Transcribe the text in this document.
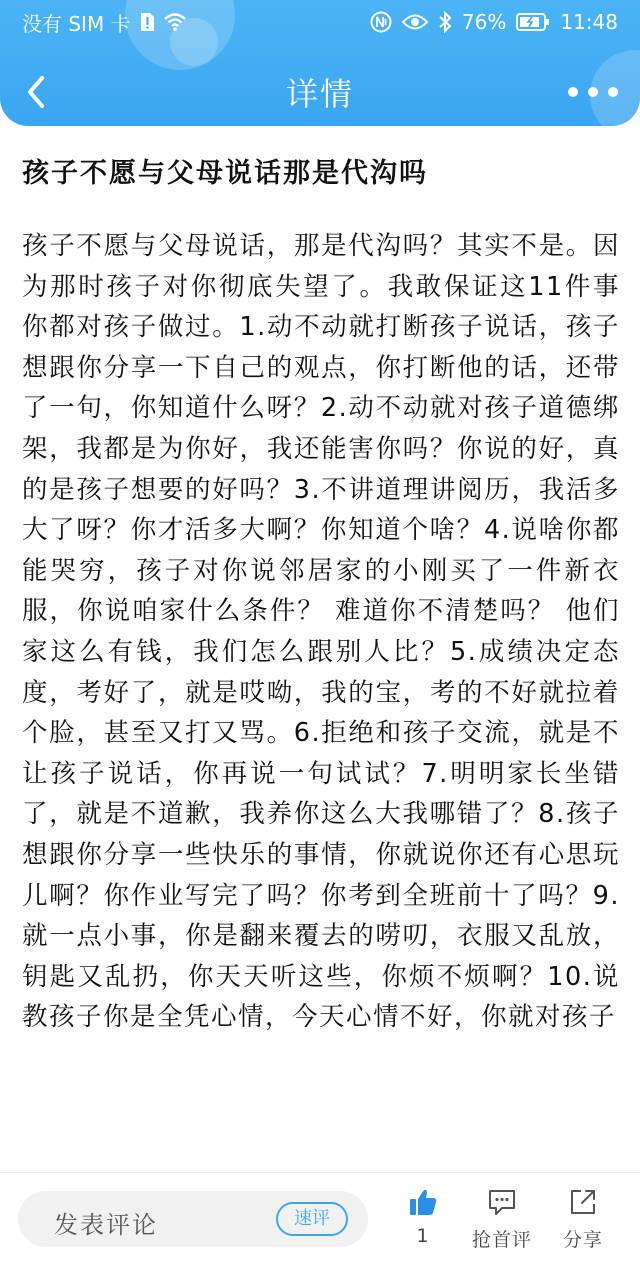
没有 SIM 卡	76%	11:48
详情
孩子不愿与父母说话那是代沟吗
孩子不愿与父母说话，那是代沟吗？其实不是。因为那时孩子对你彻底失望了。我敢保证这11件事你都对孩子做过。1.动不动就打断孩子说话，孩子想跟你分享一下自己的观点，你打断他的话，还带了一句，你知道什么呀？2.动不动就对孩子道德绑架，我都是为你好，我还能害你吗？你说的好，真的是孩子想要的好吗？3.不讲道理讲阅历，我活多大了呀？你才活多大啊？你知道个啥？4.说啥你都能哭穷，孩子对你说邻居家的小刚买了一件新衣服，你说咱家什么条件？ 难道你不清楚吗？ 他们家这么有钱，我们怎么跟别人比？5.成绩决定态度，考好了，就是哎呦，我的宝，考的不好就拉着个脸，甚至又打又骂。6.拒绝和孩子交流，就是不让孩子说话，你再说一句试试？7.明明家长坐错了，就是不道歉，我养你这么大我哪错了？8.孩子想跟你分享一些快乐的事情，你就说你还有心思玩儿啊？你作业写完了吗？你考到全班前十了吗？9.就一点小事，你是翻来覆去的唠叨，衣服又乱放，钥匙又乱扔，你天天听这些，你烦不烦啊？10.说教孩子你是全凭心情，今天心情不好，你就对孩子
发表评论	速评
1 抢首评 分享
